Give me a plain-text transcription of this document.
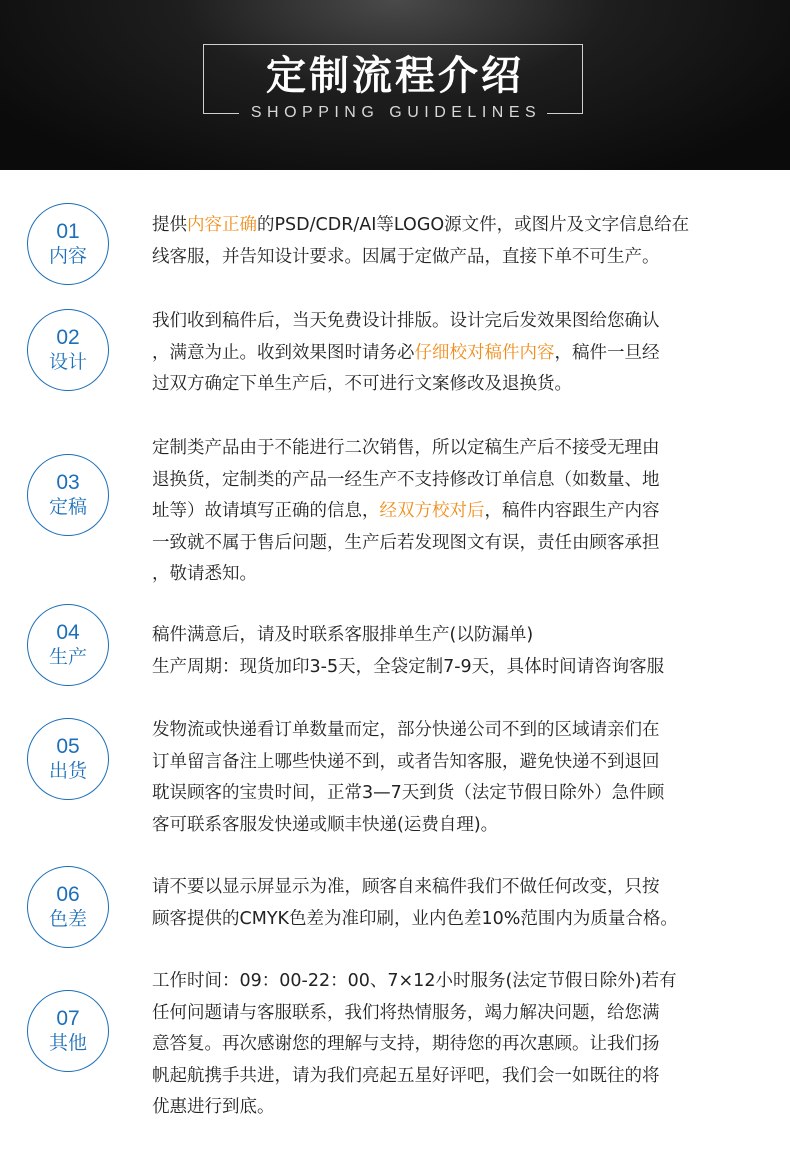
定制流程介绍
SHOPPING GUIDELINES
01
内容
提供内容正确的PSD/CDR/AI等LOGO源文件，或图片及文字信息给在
线客服，并告知设计要求。因属于定做产品，直接下单不可生产。
02
设计
我们收到稿件后，当天免费设计排版。设计完后发效果图给您确认
，满意为止。收到效果图时请务必仔细校对稿件内容，稿件一旦经
过双方确定下单生产后，不可进行文案修改及退换货。
03
定稿
定制类产品由于不能进行二次销售，所以定稿生产后不接受无理由
退换货，定制类的产品一经生产不支持修改订单信息（如数量、地
址等）故请填写正确的信息，经双方校对后，稿件内容跟生产内容
一致就不属于售后问题，生产后若发现图文有误，责任由顾客承担
，敬请悉知。
04
生产
稿件满意后，请及时联系客服排单生产(以防漏单)
生产周期：现货加印3-5天，全袋定制7-9天，具体时间请咨询客服
05
出货
发物流或快递看订单数量而定，部分快递公司不到的区域请亲们在
订单留言备注上哪些快递不到，或者告知客服，避免快递不到退回
耽误顾客的宝贵时间，正常3—7天到货（法定节假日除外）急件顾
客可联系客服发快递或顺丰快递(运费自理)。
06
色差
请不要以显示屏显示为准，顾客自来稿件我们不做任何改变，只按
顾客提供的CMYK色差为准印刷，业内色差10%范围内为质量合格。
07
其他
工作时间：09：00-22：00、7×12小时服务(法定节假日除外)若有
任何问题请与客服联系，我们将热情服务，竭力解决问题，给您满
意答复。再次感谢您的理解与支持，期待您的再次惠顾。让我们扬
帆起航携手共进，请为我们亮起五星好评吧，我们会一如既往的将
优惠进行到底。
